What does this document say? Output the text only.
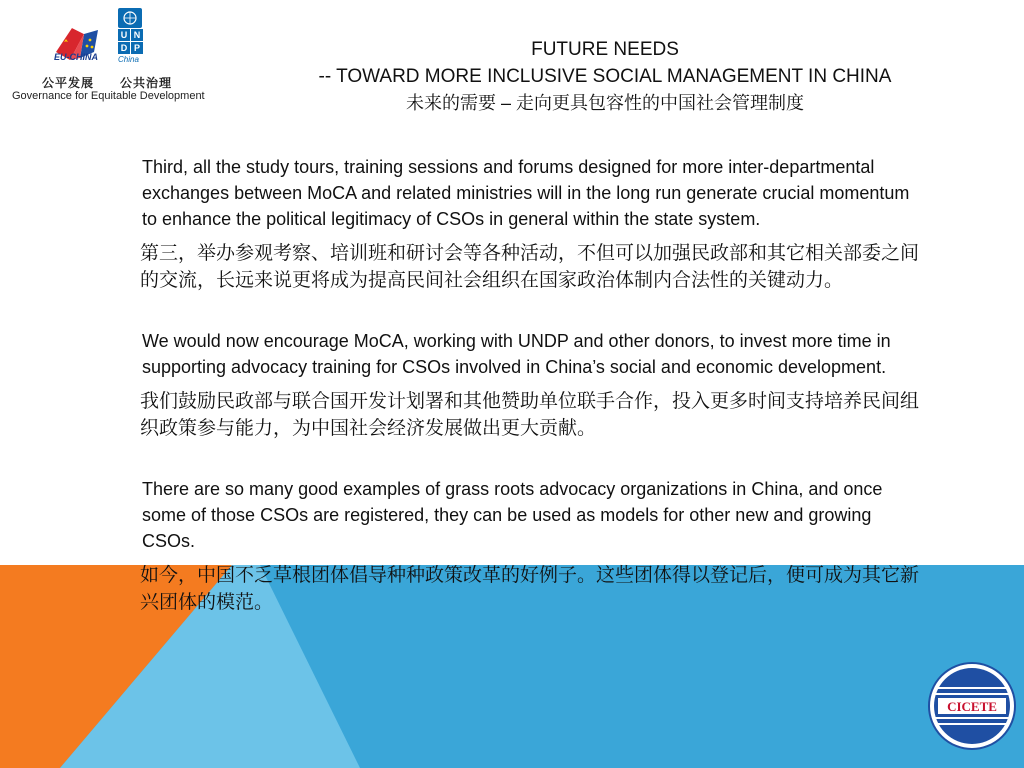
EU-CHINA
U N
D P
China
公平发展　　公共治理
Governance for Equitable Development
FUTURE NEEDS
-- TOWARD MORE INCLUSIVE SOCIAL MANAGEMENT IN CHINA
未来的需要 – 走向更具包容性的中国社会管理制度

Third, all the study tours, training sessions and forums designed for more inter-departmental exchanges between MoCA and related ministries will in the long run generate crucial momentum to enhance the political legitimacy of CSOs in general within the state system.

第三，举办参观考察、培训班和研讨会等各种活动，不但可以加强民政部和其它相关部委之间的交流，长远来说更将成为提高民间社会组织在国家政治体制内合法性的关键动力。

We would now encourage MoCA, working with UNDP and other donors, to invest more time in supporting advocacy training for CSOs involved in China’s social and economic development.

我们鼓励民政部与联合国开发计划署和其他赞助单位联手合作，投入更多时间支持培养民间组织政策参与能力，为中国社会经济发展做出更大贡献。

There are so many good examples of grass roots advocacy organizations in China, and once some of those CSOs are registered, they can be used as models for other new and growing CSOs.

如今，中国不乏草根团体倡导种种政策改革的好例子。这些团体得以登记后，便可成为其它新兴团体的模范。

CICETE
